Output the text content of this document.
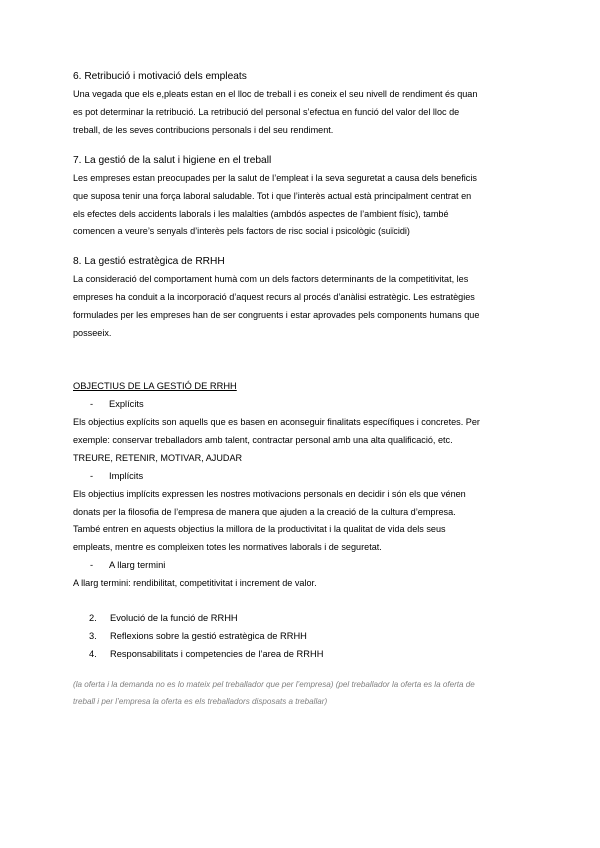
6. Retribució i motivació dels empleats

Una vegada que els e,pleats estan en el lloc de treball i es coneix el seu nivell de rendiment és quan

es pot determinar la retribució. La retribució del personal s’efectua en funció del valor del lloc de

treball, de les seves contribucions personals i del seu rendiment.

7. La gestió de la salut i higiene en el treball

Les empreses estan preocupades per la salut de l’empleat i la seva seguretat a causa dels beneficis

que suposa tenir una força laboral saludable. Tot i que l’interès actual està principalment centrat en

els efectes dels accidents laborals i les malalties (ambdós aspectes de l’ambient físic), també

comencen a veure’s senyals d’interès pels factors de risc social i psicològic (suïcidi)

8. La gestió estratègica de RRHH

La consideració del comportament humà com un dels factors determinants de la competitivitat, les

empreses ha conduit a la incorporació d’aquest recurs al procés d’anàlisi estratègic. Les estratègies

formulades per les empreses han de ser congruents i estar aprovades pels components humans que

posseeix.

OBJECTIUS DE LA GESTIÓ DE RRHH

- Explícits

Els objectius explícits son aquells que es basen en aconseguir finalitats específiques i concretes. Per

exemple: conservar treballadors amb talent, contractar personal amb una alta qualificació, etc.

TREURE, RETENIR, MOTIVAR, AJUDAR

- Implícits

Els objectius implícits expressen les nostres motivacions personals en decidir i són els que vénen

donats per la filosofia de l’empresa de manera que ajuden a la creació de la cultura d’empresa.

També entren en aquests objectius la millora de la productivitat i la qualitat de vida dels seus

empleats, mentre es compleixen totes les normatives laborals i de seguretat.

- A llarg termini

A llarg termini: rendibilitat, competitivitat i increment de valor.

2. Evolució de la funció de RRHH
3. Reflexions sobre la gestió estratègica de RRHH
4. Responsabilitats i competencies de l’area de RRHH

(la oferta i la demanda no es lo mateix pel treballador que per l’empresa) (pel treballador la oferta es la oferta de

treball i per l’empresa la oferta es els treballadors disposats a treballar)
